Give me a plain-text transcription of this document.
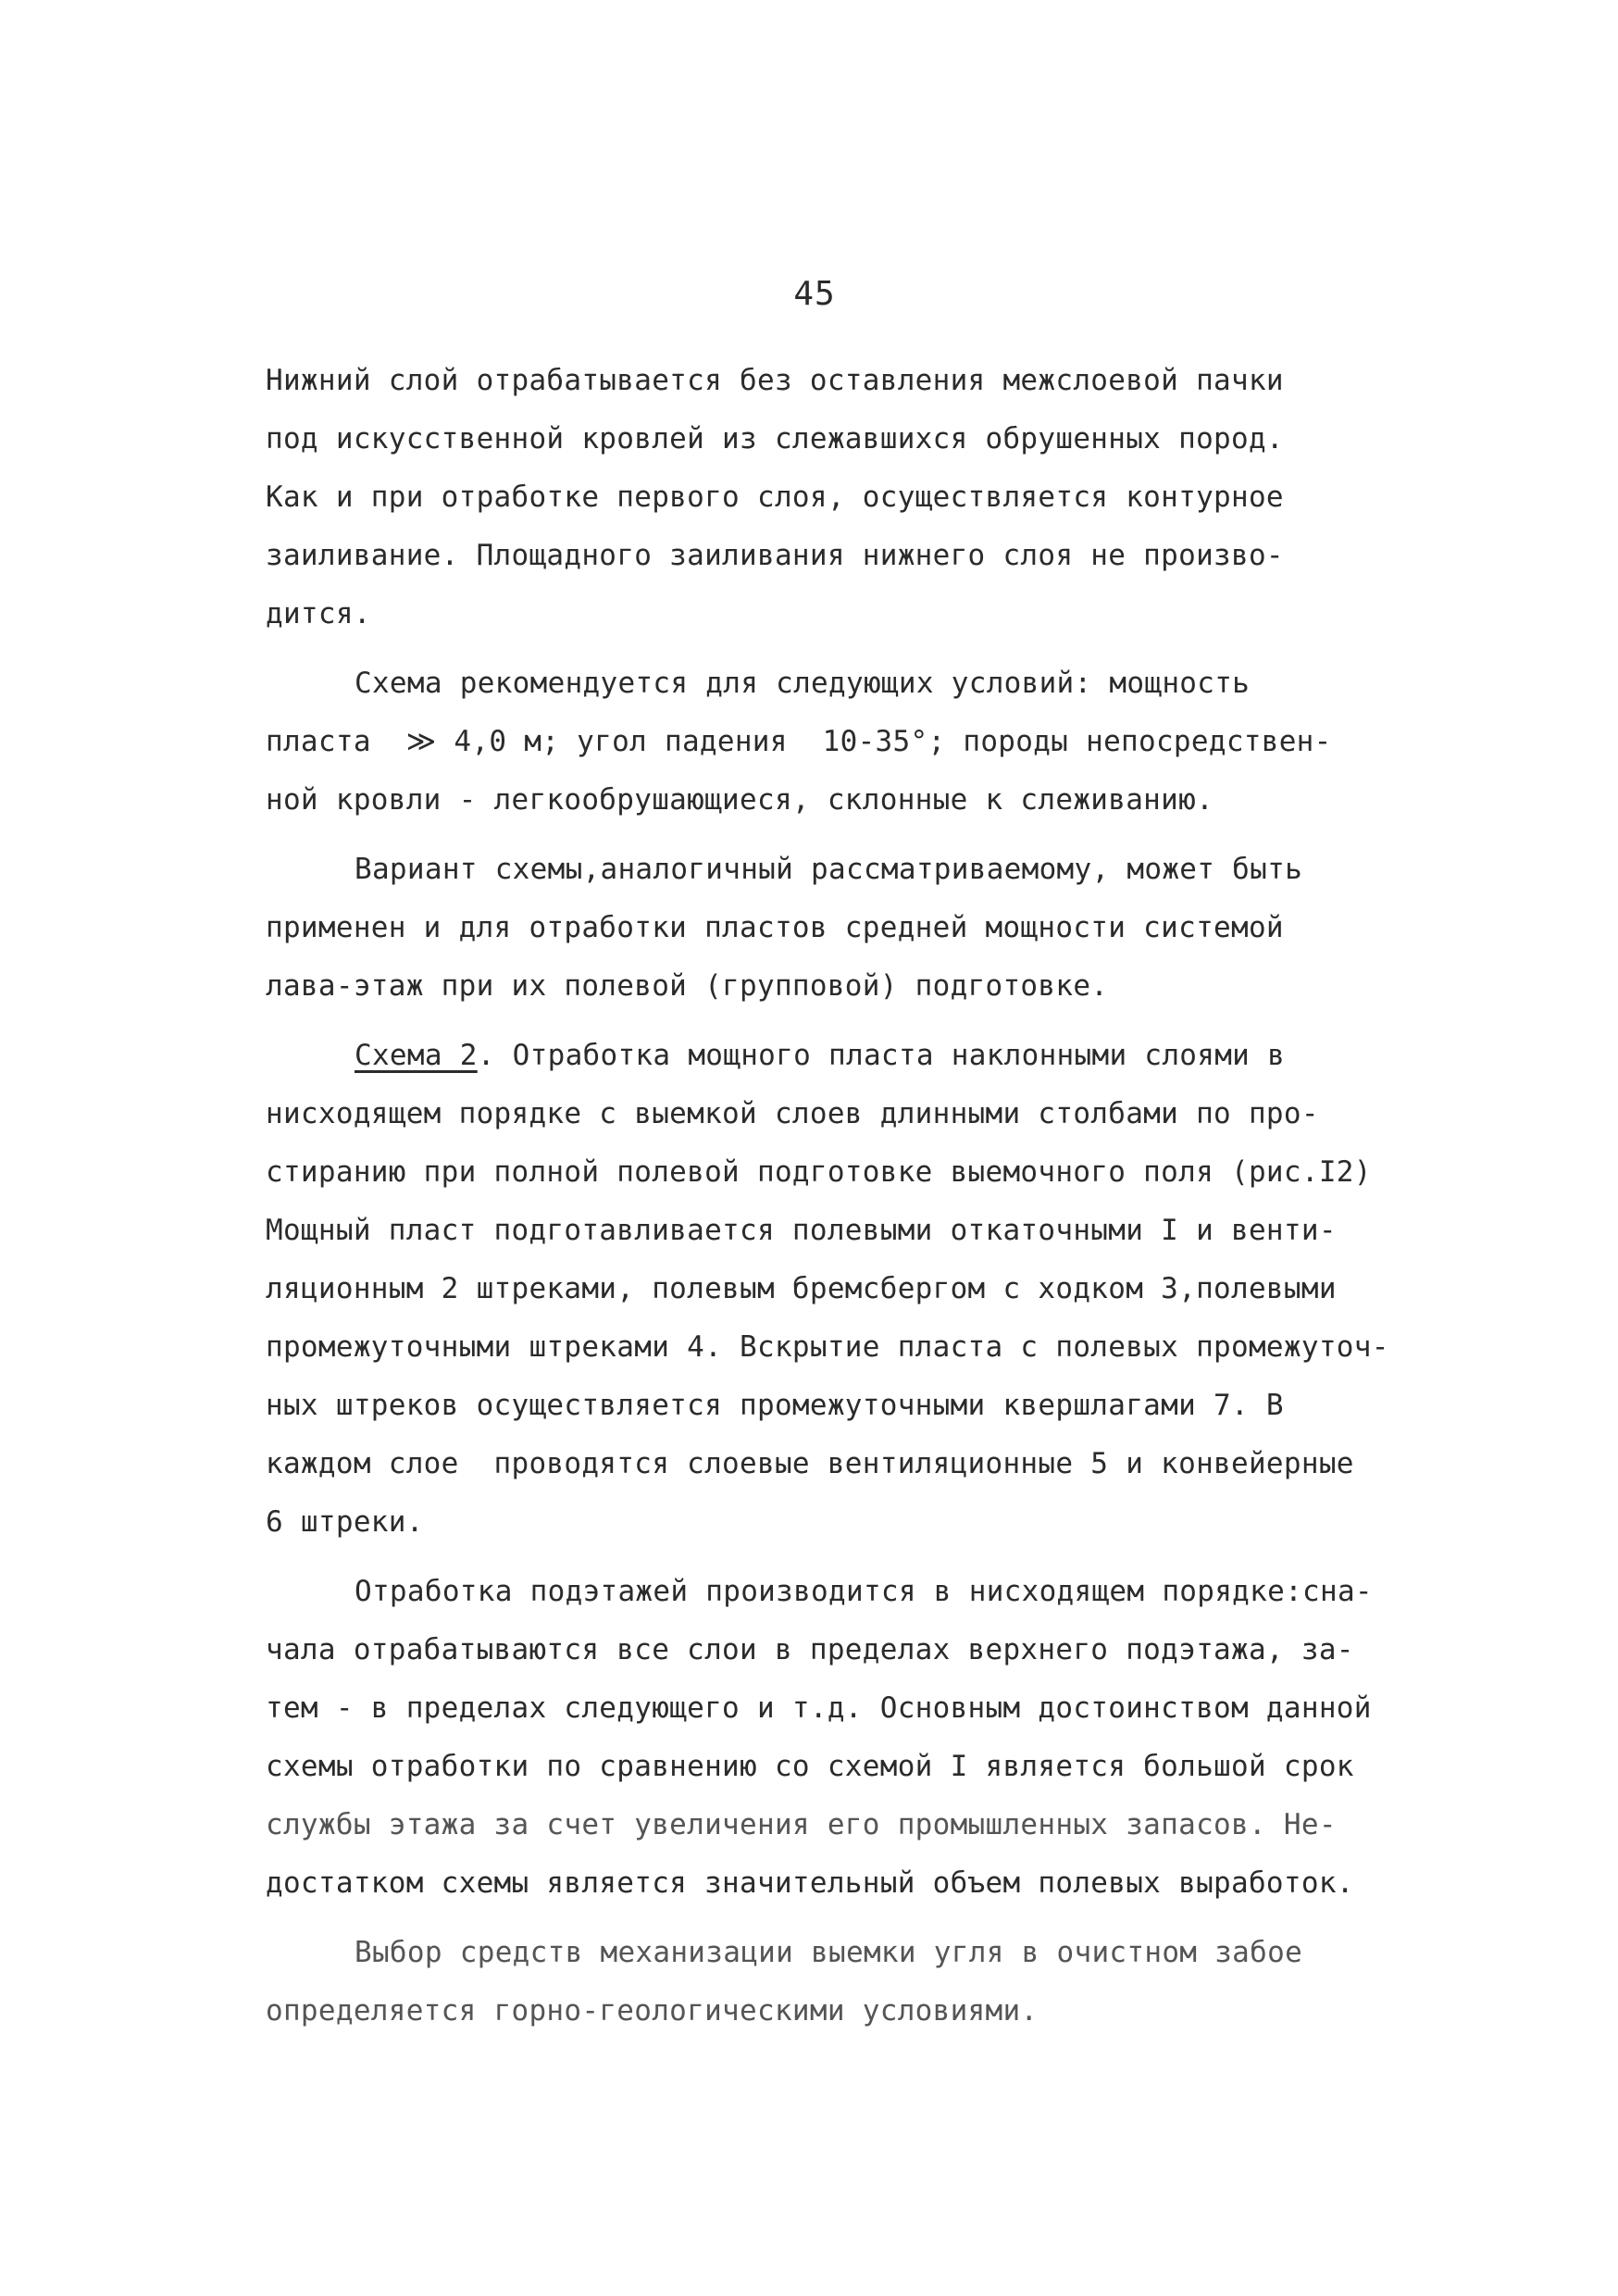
45
Нижний слой отрабатывается без оставления межслоевой пачки
под искусственной кровлей из слежавшихся обрушенных пород.
Как и при отработке первого слоя, осуществляется контурное
заиливание. Площадного заиливания нижнего слоя не произво-
дится.
Схема рекомендуется для следующих условий: мощность
пласта  ≫ 4,0 м; угол падения  10-35°; породы непосредствен-
ной кровли - легкообрушающиеся, склонные к слеживанию.
Вариант схемы,аналогичный рассматриваемому, может быть
применен и для отработки пластов средней мощности системой
лава-этаж при их полевой (групповой) подготовке.
Схема 2. Отработка мощного пласта наклонными слоями в
нисходящем порядке с выемкой слоев длинными столбами по про-
стиранию при полной полевой подготовке выемочного поля (рис.I2)
Мощный пласт подготавливается полевыми откаточными I и венти-
ляционным 2 штреками, полевым бремсбергом с ходком 3,полевыми
промежуточными штреками 4. Вскрытие пласта с полевых промежуточ-
ных штреков осуществляется промежуточными квершлагами 7. В
каждом слое  проводятся слоевые вентиляционные 5 и конвейерные
6 штреки.
Отработка подэтажей производится в нисходящем порядке:сна-
чала отрабатываются все слои в пределах верхнего подэтажа, за-
тем - в пределах следующего и т.д. Основным достоинством данной
схемы отработки по сравнению со схемой I является большой срок
службы этажа за счет увеличения его промышленных запасов. Не-
достатком схемы является значительный объем полевых выработок.
Выбор средств механизации выемки угля в очистном забое
определяется горно-геологическими условиями.
